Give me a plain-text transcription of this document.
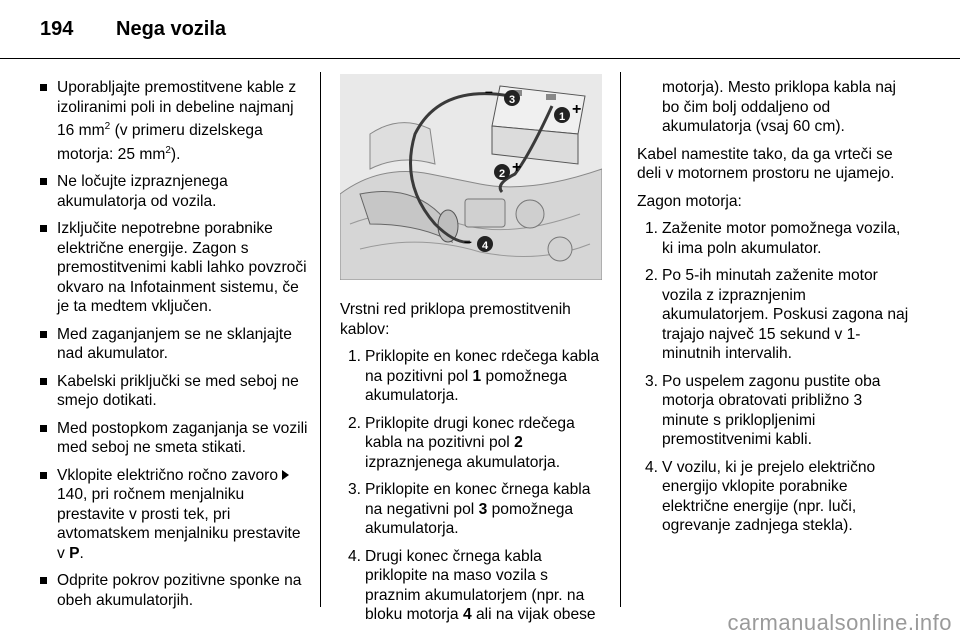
194	Nega vozila
Uporabljajte premostitvene kable z izoliranimi poli in debeline najmanj 16 $mm^2$ (v primeru dizelskega motorja: 25 $mm^2$).
Ne ločujte izpraznjenega akumulatorja od vozila.
Izključite nepotrebne porabnike električne energije. Zagon s premostitvenimi kabli lahko povzroči okvaro na Infotainment sistemu, če je ta medtem vključen.
Med zaganjanjem se ne sklanjajte nad akumulator.
Kabelski priključki se med seboj ne smejo dotikati.
Med postopkom zaganjanja se vozili med seboj ne smeta stikati.
Vklopite električno ročno zavoro  140, pri ročnem menjalniku prestavite v prosti tek, pri avtomatskem menjalniku prestavite v P.
Odprite pokrov pozitivne sponke na obeh akumulatorjih.
–
3
1 +
2 +
– 4

Vrstni red priklopa premostitvenih kablov:

1. Priklopite en konec rdečega kabla na pozitivni pol 1 pomožnega akumulatorja.
2. Priklopite drugi konec rdečega kabla na pozitivni pol 2 izpraznjenega akumulatorja.
3. Priklopite en konec črnega kabla na negativni pol 3 pomožnega akumulatorja.
4. Drugi konec črnega kabla priklopite na maso vozila s praznim akumulatorjem (npr. na bloku motorja 4 ali na vijak obese

motorja). Mesto priklopa kabla naj bo čim bolj oddaljeno od akumulatorja (vsaj 60 cm).

Kabel namestite tako, da ga vrteči se deli v motornem prostoru ne ujamejo.

Zagon motorja:

1. Zaženite motor pomožnega vozila, ki ima poln akumulator.
2. Po 5-ih minutah zaženite motor vozila z izpraznjenim akumulatorjem. Poskusi zagona naj trajajo največ 15 sekund v 1-minutnih intervalih.
3. Po uspelem zagonu pustite oba motorja obratovati približno 3 minute s priklopljenimi premostitvenimi kabli.
4. V vozilu, ki je prejelo električno energijo vklopite porabnike električne energije (npr. luči, ogrevanje zadnjega stekla).
carmanualsonline.info
